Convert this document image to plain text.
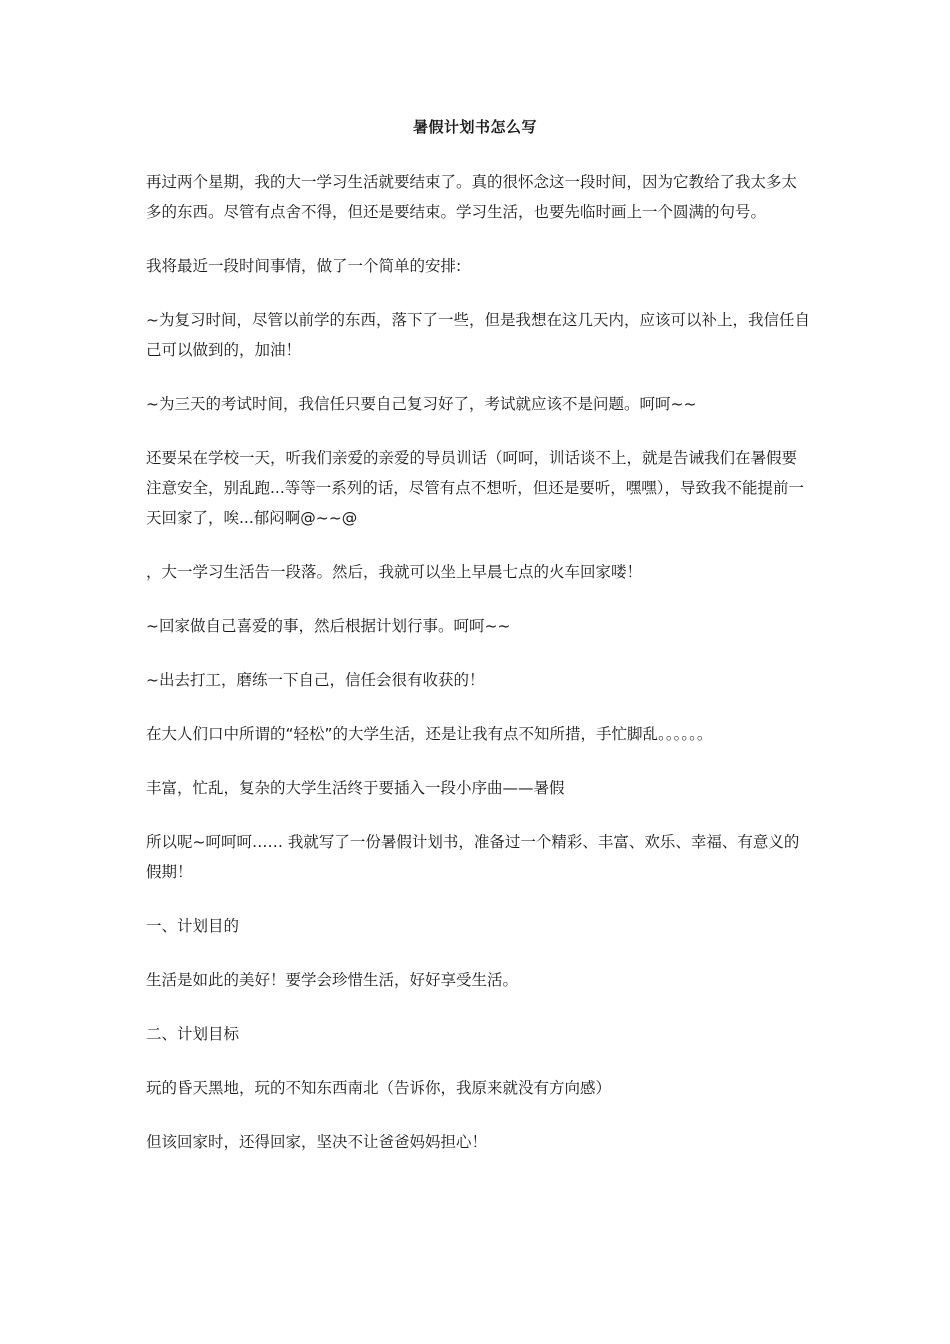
暑假计划书怎么写

再过两个星期，我的大一学习生活就要结束了。真的很怀念这一段时间，因为它教给了我太多太多的东西。尽管有点舍不得，但还是要结束。学习生活，也要先临时画上一个圆满的句号。

我将最近一段时间事情，做了一个简单的安排:

~为复习时间，尽管以前学的东西，落下了一些，但是我想在这几天内，应该可以补上，我信任自己可以做到的，加油！

~为三天的考试时间，我信任只要自己复习好了，考试就应该不是问题。呵呵~~

还要呆在学校一天，听我们亲爱的亲爱的导员训话（呵呵，训话谈不上，就是告诫我们在暑假要注意安全，别乱跑...等等一系列的话，尽管有点不想听，但还是要听，嘿嘿），导致我不能提前一天回家了，唉...郁闷啊@~~@

，大一学习生活告一段落。然后，我就可以坐上早晨七点的火车回家喽！

~回家做自己喜爱的事，然后根据计划行事。呵呵~~

~出去打工，磨练一下自己，信任会很有收获的！

在大人们口中所谓的“轻松”的大学生活，还是让我有点不知所措，手忙脚乱。。。。。。

丰富，忙乱，复杂的大学生活终于要插入一段小序曲——暑假

所以呢~呵呵呵…… 我就写了一份暑假计划书，准备过一个精彩、丰富、欢乐、幸福、有意义的假期！

一、计划目的

生活是如此的美好！要学会珍惜生活，好好享受生活。

二、计划目标

玩的昏天黑地，玩的不知东西南北（告诉你，我原来就没有方向感）

但该回家时，还得回家，坚决不让爸爸妈妈担心！
